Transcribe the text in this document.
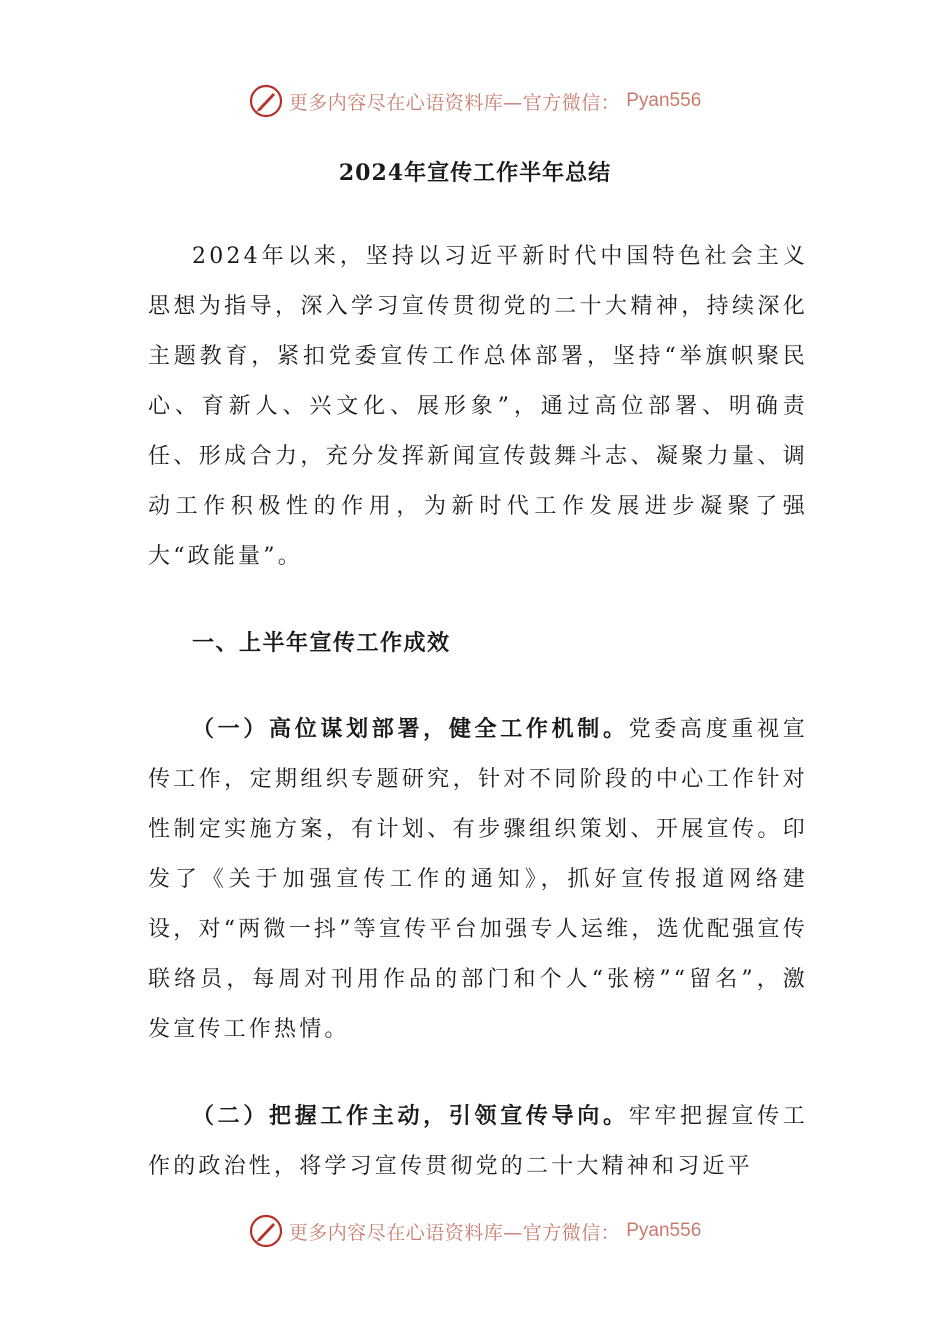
更多内容尽在心语资料库—官方微信： Pyan556
2024年宣传工作半年总结

2024年以来，坚持以习近平新时代中国特色社会主义思想为指导，深入学习宣传贯彻党的二十大精神，持续深化主题教育，紧扣党委宣传工作总体部署，坚持“举旗帜聚民心、育新人、兴文化、展形象”，通过高位部署、明确责任、形成合力，充分发挥新闻宣传鼓舞斗志、凝聚力量、调动工作积极性的作用，为新时代工作发展进步凝聚了强大“政能量”。

一、上半年宣传工作成效

（一）高位谋划部署，健全工作机制。党委高度重视宣传工作，定期组织专题研究，针对不同阶段的中心工作针对性制定实施方案，有计划、有步骤组织策划、开展宣传。印发了《关于加强宣传工作的通知》，抓好宣传报道网络建设，对“两微一抖”等宣传平台加强专人运维，选优配强宣传联络员，每周对刊用作品的部门和个人“张榜”“留名”，激发宣传工作热情。

（二）把握工作主动，引领宣传导向。牢牢把握宣传工作的政治性，将学习宣传贯彻党的二十大精神和习近平

更多内容尽在心语资料库—官方微信： Pyan556
